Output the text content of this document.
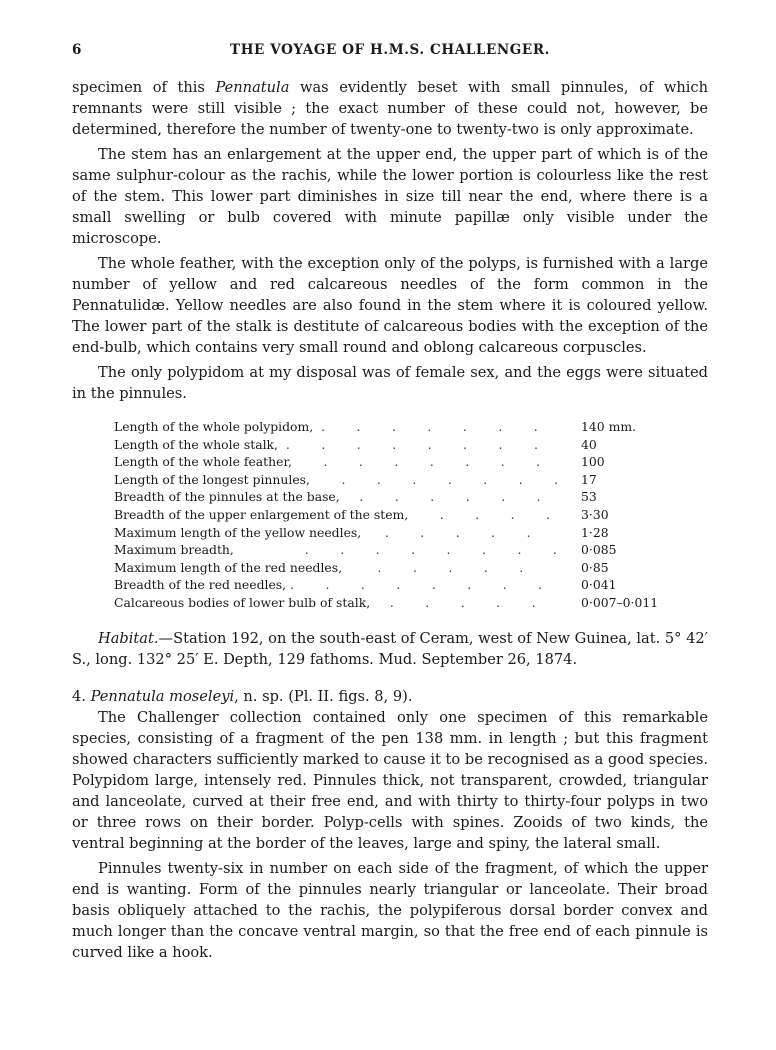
6	THE VOYAGE OF H.M.S. CHALLENGER.

specimen of this Pennatula was evidently beset with small pinnules, of which remnants were still visible ; the exact number of these could not, however, be determined, therefore the number of twenty-one to twenty-two is only approximate.

The stem has an enlargement at the upper end, the upper part of which is of the same sulphur-colour as the rachis, while the lower portion is colourless like the rest of the stem. This lower part diminishes in size till near the end, where there is a small swelling or bulb covered with minute papillæ only visible under the microscope.

The whole feather, with the exception only of the polyps, is furnished with a large number of yellow and red calcareous needles of the form common in the Pennatulidæ. Yellow needles are also found in the stem where it is coloured yellow. The lower part of the stalk is destitute of calcareous bodies with the exception of the end-bulb, which contains very small round and oblong calcareous corpuscles.

The only polypidom at my disposal was of female sex, and the eggs were situated in the pinnules.

Length of the whole polypidom,  .        .        .        .        .        .        .	140 mm.
Length of the whole stalk,  .        .        .        .        .        .        .        .	40
Length of the whole feather,        .        .        .        .        .        .        .	100
Length of the longest pinnules,        .        .        .        .        .        .        .	17
Breadth of the pinnules at the base,     .        .        .        .        .        .	53
Breadth of the upper enlargement of the stem,        .        .        .        .	3·30
Maximum length of the yellow needles,      .        .        .        .        .	1·28
Maximum breadth,                  .        .        .        .        .        .        .        .	0·085
Maximum length of the red needles,         .        .        .        .        .	0·85
Breadth of the red needles, .        .        .        .        .        .        .        .	0·041
Calcareous bodies of lower bulb of stalk,     .        .        .        .        .	0·007–0·011

Habitat.—Station 192, on the south-east of Ceram, west of New Guinea, lat. 5° 42′ S., long. 132° 25′ E. Depth, 129 fathoms. Mud. September 26, 1874.

4. Pennatula moseleyi, n. sp. (Pl. II. figs. 8, 9).

The Challenger collection contained only one specimen of this remarkable species, consisting of a fragment of the pen 138 mm. in length ; but this fragment showed characters sufficiently marked to cause it to be recognised as a good species. Polypidom large, intensely red. Pinnules thick, not transparent, crowded, triangular and lanceolate, curved at their free end, and with thirty to thirty-four polyps in two or three rows on their border. Polyp-cells with spines. Zooids of two kinds, the ventral beginning at the border of the leaves, large and spiny, the lateral small.

Pinnules twenty-six in number on each side of the fragment, of which the upper end is wanting. Form of the pinnules nearly triangular or lanceolate. Their broad basis obliquely attached to the rachis, the polypiferous dorsal border convex and much longer than the concave ventral margin, so that the free end of each pinnule is curved like a hook.
